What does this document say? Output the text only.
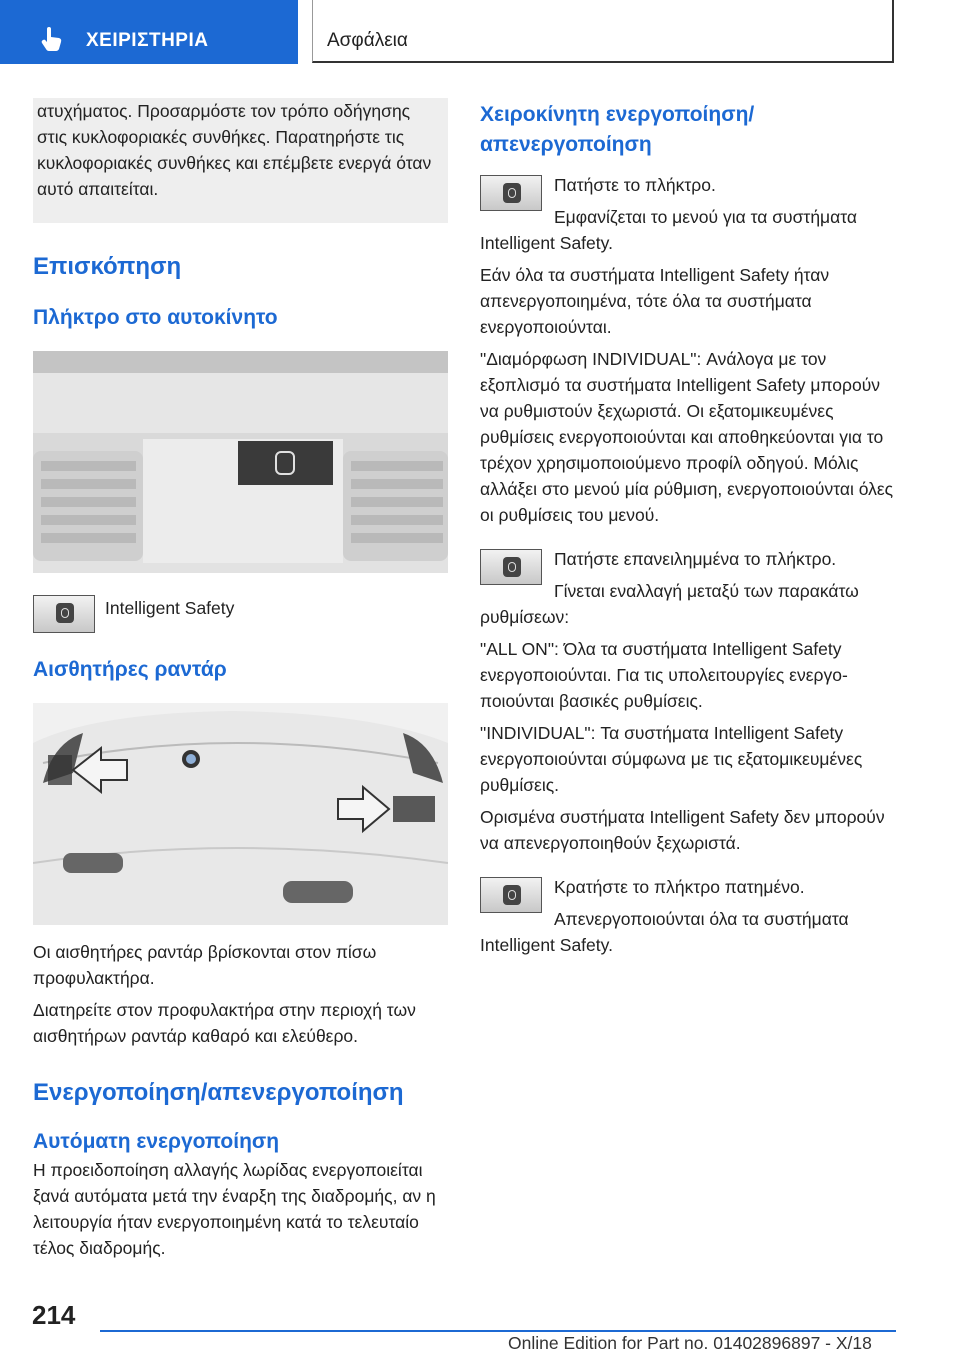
ΧΕΙΡΙΣΤΗΡΙΑ	Ασφάλεια

ατυχήματος. Προσαρμόστε τον τρόπο οδήγησης στις κυκλοφοριακές συνθήκες. Παρατηρήστε τις κυκλοφοριακές συνθήκες και επέμβετε ενεργά όταν αυτό απαιτείται.

Επισκόπηση
Πλήκτρο στο αυτοκίνητο
Intelligent Safety
Αισθητήρες ραντάρ

Οι αισθητήρες ραντάρ βρίσκονται στον πίσω προφυλακτήρα.

Διατηρείτε στον προφυλακτήρα στην περιοχή των αισθητήρων ραντάρ καθαρό και ελεύθερο.

Ενεργοποίηση/απενεργοποίηση
Αυτόματη ενεργοποίηση

Η προειδοποίηση αλλαγής λωρίδας ενεργοποιείται ξανά αυτόματα μετά την έναρξη της διαδρομής, αν η λειτουργία ήταν ενεργοποιημένη κατά το τελευταίο τέλος διαδρομής.

Χειροκίνητη ενεργοποίηση/ απενεργοποίηση

Πατήστε το πλήκτρο.

Εμφανίζεται το μενού για τα συστήματα Intelligent Safety.

Εάν όλα τα συστήματα Intelligent Safety ήταν απενεργοποιημένα, τότε όλα τα συστήματα ενεργοποιούνται.

"Διαμόρφωση INDIVIDUAL": Ανάλογα με τον εξοπλισμό τα συστήματα Intelligent Safety μπορούν να ρυθμιστούν ξεχωριστά. Οι εξατομικευμένες ρυθμίσεις ενεργοποιούνται και αποθηκεύονται για το τρέχον χρησιμοποιούμενο προφίλ οδηγού. Μόλις αλλάξει στο μενού μία ρύθμιση, ενεργοποιούνται όλες οι ρυθμίσεις του μενού.

Πατήστε επανειλημμένα το πλήκτρο.

Γίνεται εναλλαγή μεταξύ των παρακάτω ρυθμίσεων:

"ALL ON": Όλα τα συστήματα Intelligent Safety ενεργοποιούνται. Για τις υπολειτουργίες ενεργοποιούνται βασικές ρυθμίσεις.

"INDIVIDUAL": Τα συστήματα Intelligent Safety ενεργοποιούνται σύμφωνα με τις εξατομικευμένες ρυθμίσεις.

Ορισμένα συστήματα Intelligent Safety δεν μπορούν να απενεργοποιηθούν ξεχωριστά.

Κρατήστε το πλήκτρο πατημένο.

Απενεργοποιούνται όλα τα συστήματα Intelligent Safety.

214
Online Edition for Part no. 01402896897 - X/18
